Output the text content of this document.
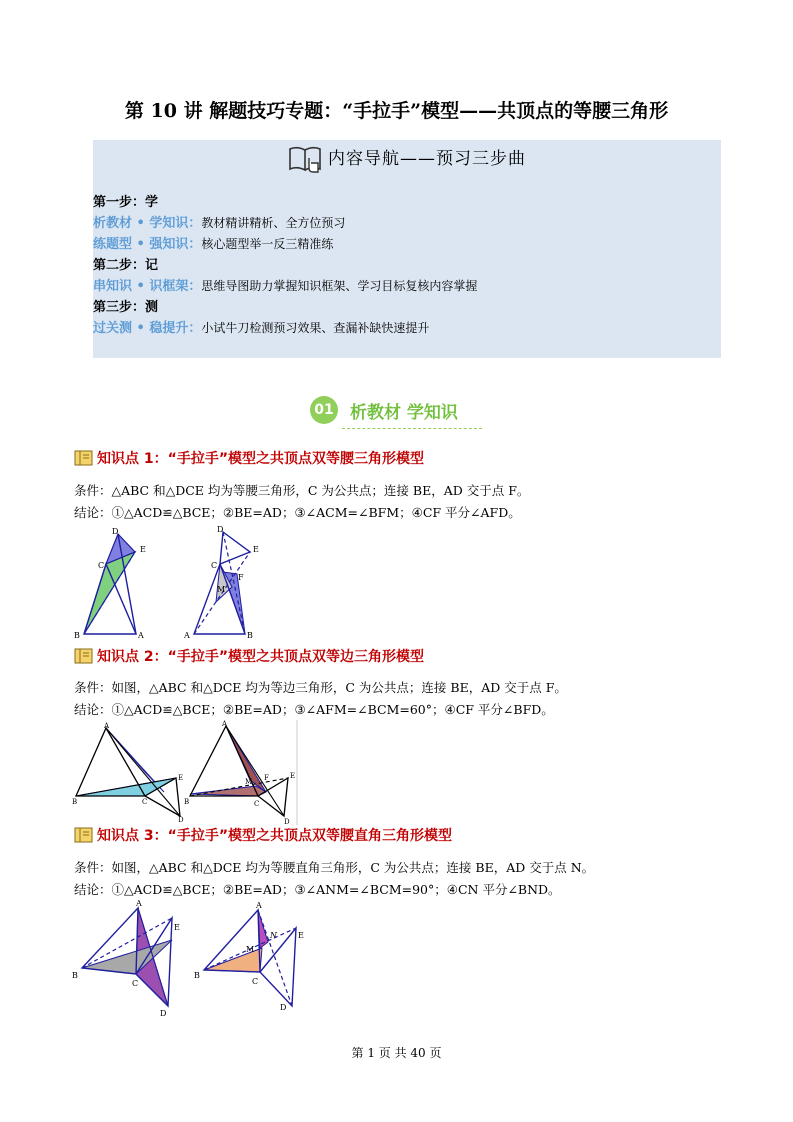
第 10 讲 解题技巧专题：“手拉手”模型——共顶点的等腰三角形
内容导航——预习三步曲
第一步：学
析教材 • 学知识：教材精讲精析、全方位预习
练题型 • 强知识：核心题型举一反三精准练
第二步：记
串知识 • 识框架：思维导图助力掌握知识框架、学习目标复核内容掌握
第三步：测
过关测 • 稳提升：小试牛刀检测预习效果、查漏补缺快速提升
01 析教材 学知识
知识点 1：“手拉手”模型之共顶点双等腰三角形模型
条件：△ABC 和△DCE 均为等腰三角形，C 为公共点；连接 BE，AD 交于点 F。
结论：①△ACD≌△BCE；②BE=AD；③∠ACM=∠BFM；④CF 平分∠AFD。
D
E
C
B	A
D
E
C
F
M
A	B
知识点 2：“手拉手”模型之共顶点双等边三角形模型
条件：如图，△ABC 和△DCE 均为等边三角形，C 为公共点；连接 BE，AD 交于点 F。
结论：①△ACD≌△BCE；②BE=AD；③∠AFM=∠BCM=60°；④CF 平分∠BFD。
A
B
E
C
D
A
B
F
M
E
C
D
知识点 3：“手拉手”模型之共顶点双等腰直角三角形模型
条件：如图，△ABC 和△DCE 均为等腰直角三角形，C 为公共点；连接 BE，AD 交于点 N。
结论：①△ACD≌△BCE；②BE=AD；③∠ANM=∠BCM=90°；④CN 平分∠BND。
A
E
B
C
D
A
N
M
E
B
C
D
第 1 页 共 40 页
